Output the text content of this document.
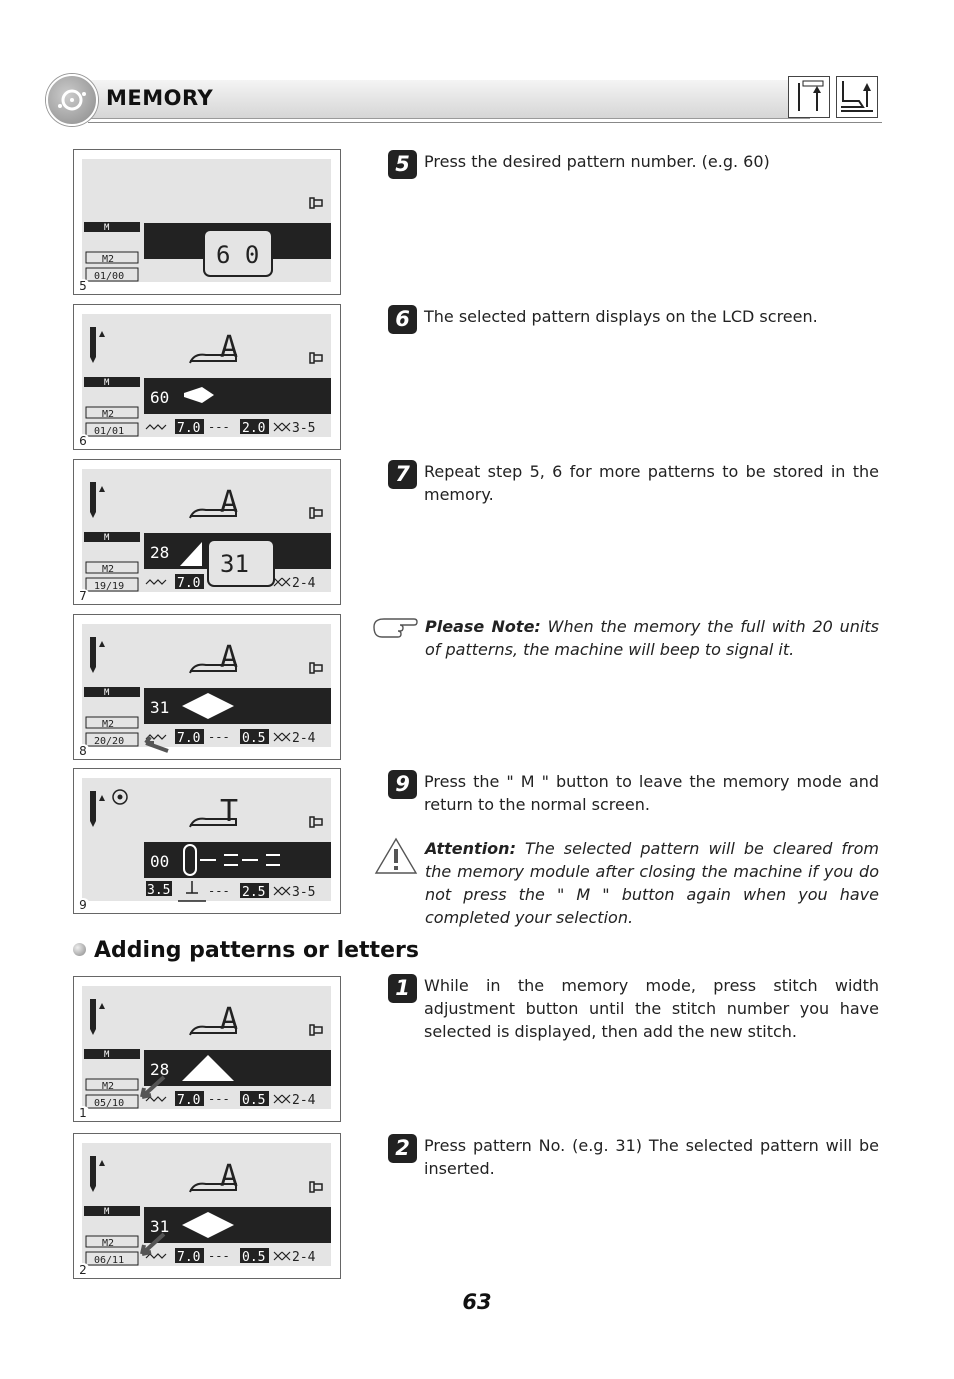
MEMORY
M
M2
01/00
6 0
5
A
M
M2
01/01
60
7.0 --- 2.0 3-5
6
A
M
M2
19/19
28 31
7.0	2-4
7
A
M
M2
20/20
31
7.0 --- 0.5 2-4
8
T
00
3.5	--- 2.5 3-5
9
Adding patterns or letters
A
M
M2
05/10
28
7.0 --- 0.5 2-4
1
A
M
M2
06/11
31
7.0 --- 0.5 2-4
2
5 Press the desired pattern number. (e.g. 60)
6 The selected pattern displays on the LCD screen.
7 Repeat step 5, 6 for more patterns to be stored in the memory.
Please Note: When the memory the full with 20 units of patterns, the machine will beep to signal it.
9 Press the " M " button to leave the memory mode and return to the normal screen.
Attention: The selected pattern will be cleared from the memory module after closing the machine if you do not press the " M " button again when you have completed your selection.
1 While in the memory mode, press stitch width adjustment button until the stitch number you have selected is displayed, then add the new stitch.
2 Press pattern No. (e.g. 31) The selected pattern will be inserted.
63
